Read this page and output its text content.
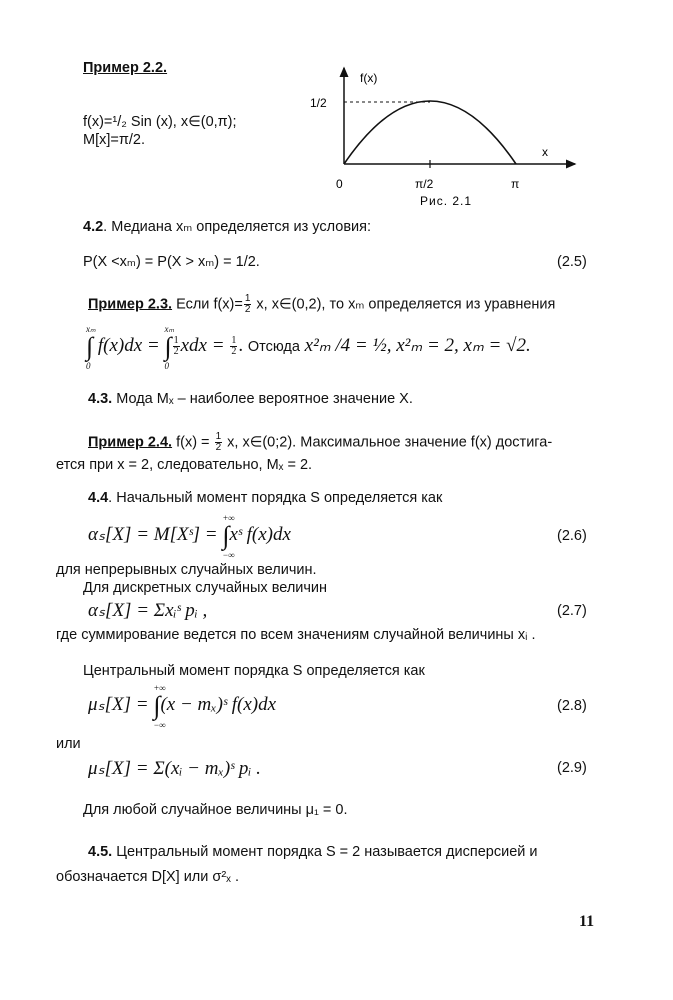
Пример 2.2.
f(x)=¹/₂ Sin (x), x∈(0,π);
M[x]=π/2.
f(x)
x
1/2
0	π/2	π
Рис. 2.1
4.2. Медиана xₘ определяется из условия:
P(X <xₘ) = P(X > xₘ) = 1/2.	(2.5)
Пример 2.3. Если $f(x)= \frac{1}{2} x$, x∈(0,2), то xₘ определяется из уравнения
∫
xₘ
0
f(x)dx = ∫
xₘ
0
$\frac{1}{2}$ xdx = $\frac{1}{2}$ . Отсюда x²ₘ /4 = ½, x²ₘ = 2, xₘ = √2.
4.3. Мода Mₓ – наиболее вероятное значение X.
Пример 2.4. $f(x) = \frac{1}{2} x$, x∈(0;2). Максимальное значение f(x) достига-
ется при x = 2, следовательно, Mₓ = 2.
4.4. Начальный момент порядка S определяется как
αₛ[X] = M[Xˢ] = ∫
+∞
−∞
xˢ f(x)dx	(2.6)
для непрерывных случайных величин.
Для дискретных случайных величин
αₛ[X] = Σxᵢˢ pᵢ ,	(2.7)
где суммирование ведется по всем значениям случайной величины xᵢ .
Центральный момент порядка S определяется как
μₛ[X] = ∫
+∞
−∞
(x − mₓ)ˢ f(x)dx	(2.8)
или
μₛ[X] = Σ(xᵢ − mₓ)ˢ pᵢ .	(2.9)
Для любой случайное величины μ₁ = 0.
4.5. Центральный момент порядка S = 2 называется дисперсией и
обозначается D[X] или σ²ₓ .
11
